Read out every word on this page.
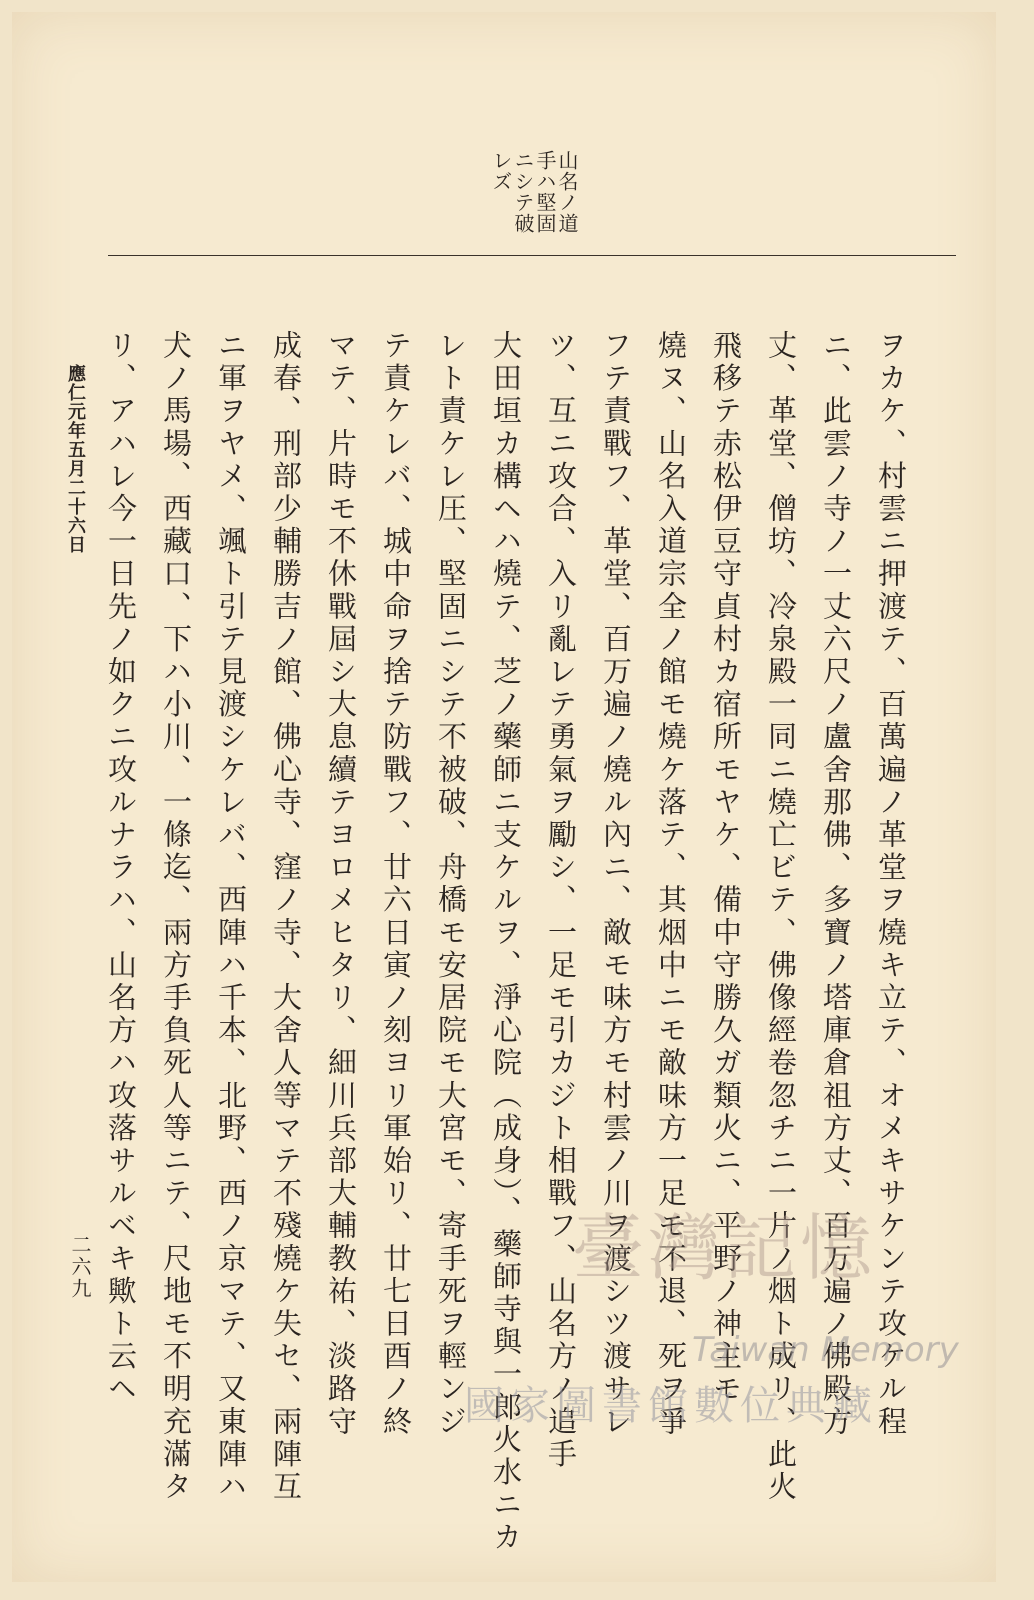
山名ノ道
手ハ堅固
ニシテ破
レズ
ヲカケ、村雲ニ押渡テ、百萬遍ノ革堂ヲ燒キ立テ、オメキサケンテ攻ケル程
ニ、此雲ノ寺ノ一丈六尺ノ盧舍那佛、多寶ノ塔庫倉祖方丈、百万遍ノ佛殿方
丈、革堂、僧坊、冷泉殿一同ニ燒亡ビテ、佛像經卷忽チニ一片ノ烟ト成リ、此火
飛移テ赤松伊豆守貞村カ宿所モヤケ、備中守勝久ガ類火ニ、平野ノ神主モ
燒ヌ、山名入道宗全ノ館モ燒ケ落テ、其烟中ニモ敵味方一足モ不退、死ヲ爭
フテ責戰フ、革堂、百万遍ノ燒ル內ニ、敵モ味方モ村雲ノ川ヲ渡シツ渡サレ
ツ、互ニ攻合、入リ亂レテ勇氣ヲ勵シ、一足モ引カジト相戰フ、山名方ノ追手
大田垣カ構ヘハ燒テ、芝ノ藥師ニ支ケルヲ、淨心院（成身）、藥師寺與一郎火水ニカ
レト責ケレ圧、堅固ニシテ不被破、舟橋モ安居院モ大宮モ、寄手死ヲ輕ンジ
テ責ケレバ、城中命ヲ捨テ防戰フ、廿六日寅ノ刻ヨリ軍始リ、廿七日酉ノ終
マテ、片時モ不休戰屆シ大息續テヨロメヒタリ、細川兵部大輔教祐、淡路守
成春、刑部少輔勝吉ノ館、佛心寺、窪ノ寺、大舍人等マテ不殘燒ケ失セ、兩陣互
ニ軍ヲヤメ、颯ト引テ見渡シケレバ、西陣ハ千本、北野、西ノ京マテ、又東陣ハ
犬ノ馬場、西藏口、下ハ小川、一條迄、兩方手負死人等ニテ、尺地モ不明充滿タ
リ、アハレ今一日先ノ如クニ攻ルナラハ、山名方ハ攻落サルベキ歟ト云ヘ
應仁元年五月二十六日
二六九	臺灣記憶
Taiwan Memory
國家圖書館數位典藏
